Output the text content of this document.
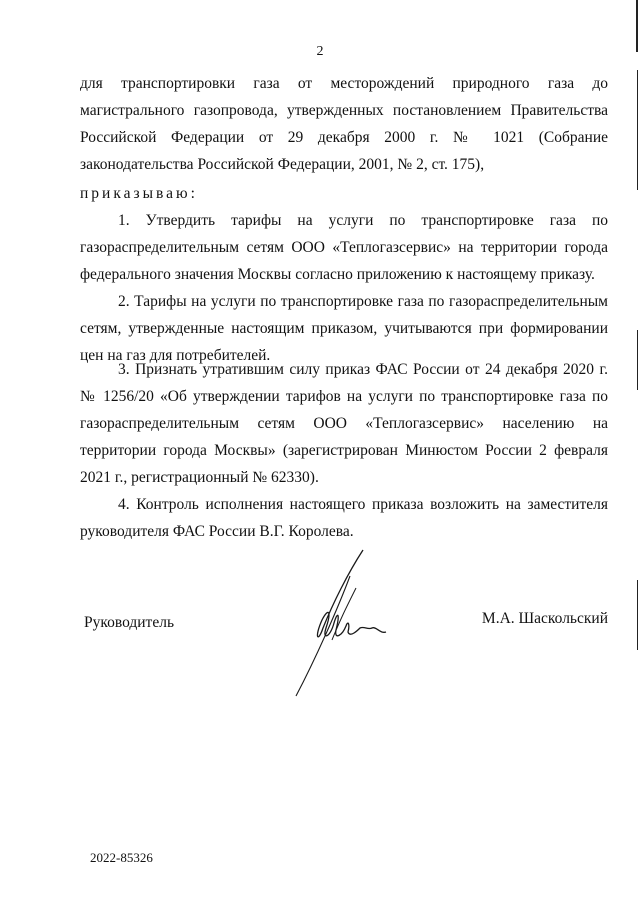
2
для транспортировки газа от месторождений природного газа до магистрального газопровода, утвержденных постановлением Правительства Российской Федерации от 29 декабря 2000 г. № 1021 (Собрание законодательства Российской Федерации, 2001, № 2, ст. 175),
приказываю:
1. Утвердить тарифы на услуги по транспортировке газа по газораспределительным сетям ООО «Теплогазсервис» на территории города федерального значения Москвы согласно приложению к настоящему приказу.
2. Тарифы на услуги по транспортировке газа по газораспределительным сетям, утвержденные настоящим приказом, учитываются при формировании цен на газ для потребителей.
3. Признать утратившим силу приказ ФАС России от 24 декабря 2020 г. № 1256/20 «Об утверждении тарифов на услуги по транспортировке газа по газораспределительным сетям ООО «Теплогазсервис» населению на территории города Москвы» (зарегистрирован Минюстом России 2 февраля 2021 г., регистрационный № 62330).
4. Контроль исполнения настоящего приказа возложить на заместителя руководителя ФАС России В.Г. Королева.
Руководитель	М.А. Шаскольский
2022-85326
